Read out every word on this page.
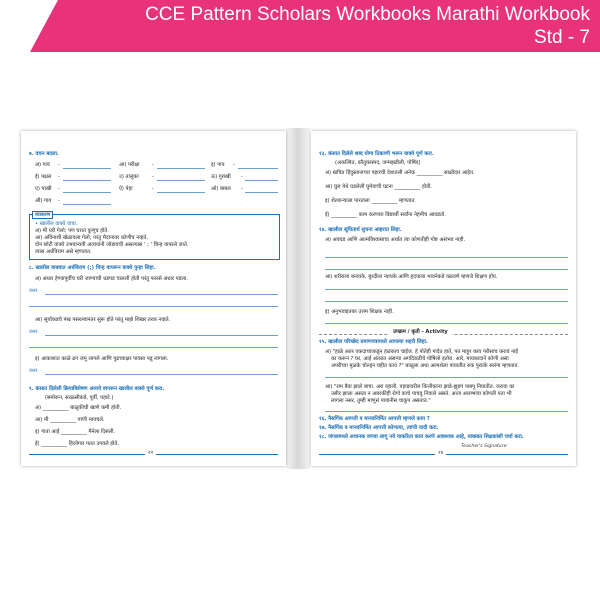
CCE Pattern Scholars Workbooks Marathi Workbook
Std - 7
७. वचन बदला.
अ) गाव -	आ) परीक्षा -	इ) गाय -
ई) पक्षल -	उ) तालुका	-	ऊ) गुराखी -
ए) पाखी -	ऐ) पेहा	-	ओ) बाबल -
औ) गाय -
व्याकरण
• खालील वाक्ये वाचा.
अ) मी घरी गेलो; पण घरात कुणूच होते.
आ) अविनाशी खेळायला गेलो; परंतु मैदानावर कोणीच नव्हते.
दोन छोटी वाक्ये उभयान्वयी अव्ययांनी जोडायची असल्यास ' ; ' चिन्ह वापरले जाते.
त्यास अर्धविराम असे म्हणतात.
८. खालील वाक्यात अर्धविराम (;) चिन्ह वापरून वाक्ये पुन्हा लिहा.
अ) अंधार हेण्यापूर्वीच घरी जाण्याची धडपड चालली होती परंतु फारसे अंधार पडला.
उत्तर.
आ) सूर्याकडचे पंख पसरल्यानंतर सुरू होते परंतु माझे शिखर तरक नव्हते.
उत्तर.
इ) आकाशात काळे ढग जमू लागले आणि पुढच्याक्षर पावसा पडू लागला.
उत्तर.
९. कंसात दिलेली क्रियाविशेषण अव्यये वापरून खालील वाक्ये पूर्ण करा.
(समोरून, सरळसीकडे, पूर्वी, पहाटे.)
अ) __________ बाळूकीची खाणे कमी होती.
आ) मी __________ पाणी मायचले.
इ) गाता आई __________ मैनेला दिसली.
ई) __________ हिरवेगार पतत उपवले होते.
२२
१३. कंसात दिलेले शब्द योग्य ठिकाणी भरून वाक्ये पूर्ण करा.
(अकल्पित, कौतुकास्पद, जन्मझडीली, पोषिंद)
अ) खचित हिंदुस्तानाच्या पहारची देशातली अनेक __________ साक्षीदार आहेत.
आ) घुल येथे घडलेली घुमेयाची घटना __________ होती.
इ) शेतकऱ्याला पारताला __________ म्हणतात.
ई) __________ काम करणारा विद्यार्थी सर्वांना नेहमीच आवडतो.
१४. खालील सूचितार्थ सुचना अव्हरात लिहा.
अ) अवघड आणि आत्मविश्वासाचा अर्थात त्या कोणतीही गोष्ट असंभव नाही.
आ) शरीराला बनावके, बुध्दीला न्यायके आणि हृदयाला भावनेकडे वळवणे म्हणजे शिक्षण होय.
इ) अनुभवाइतका उत्तम शिक्षक नाही.
उपक्रम / कृती - Activity
१५. खालील परिच्छेद प्रमाणपत्रामध्ये आपल्या शहरी लिहा.
अ) "हाळे अतर एकदाच्याकडून हळकाय चाईज. हे पोतेही गादेत हाते, पत माहूर काय परीसाच करावं नाईं
का करून ? घर, आई अंतरात असन्या अगदिकडीचे पोषिलो इतोरा. आरे, मायकादाने कोणी असा
अपरीच्या मुळके चोल्ड्न चहीत काय ?" बाळूला अधा अल्पशेला पायातीत रुक पुरात्के सारंगा म्हणतात.
आ) "राम बैवा झाले बाचा. अरा ब्हाली. पहाडावरील कित्तीकांना झाडे-झुडपं पाबपू निघातीत. जराया का
उसीर झाला असता न अबरकीही रोगो काचे पाचवू नियाले असते. आता आरम्भावा कोणती पता भी
लागला नसर, तुम्ही माणुसं पायानीस चाकूप असतात."
१६. नैसर्गिक आपत्ती व मानवनिर्मित आपत्ती म्हणजे काय ?
१७. नैसर्गिक व मानवनिर्मित आपत्ती कोणत्या, त्यांची यादी करा.
१८. जंगलामध्ये अचानक वणवा लागू नये याकरिता काय करणे आवश्यक आहे, याबाबत शिक्षकांशी चर्चा करा.
Teacher's Signature:
२४
